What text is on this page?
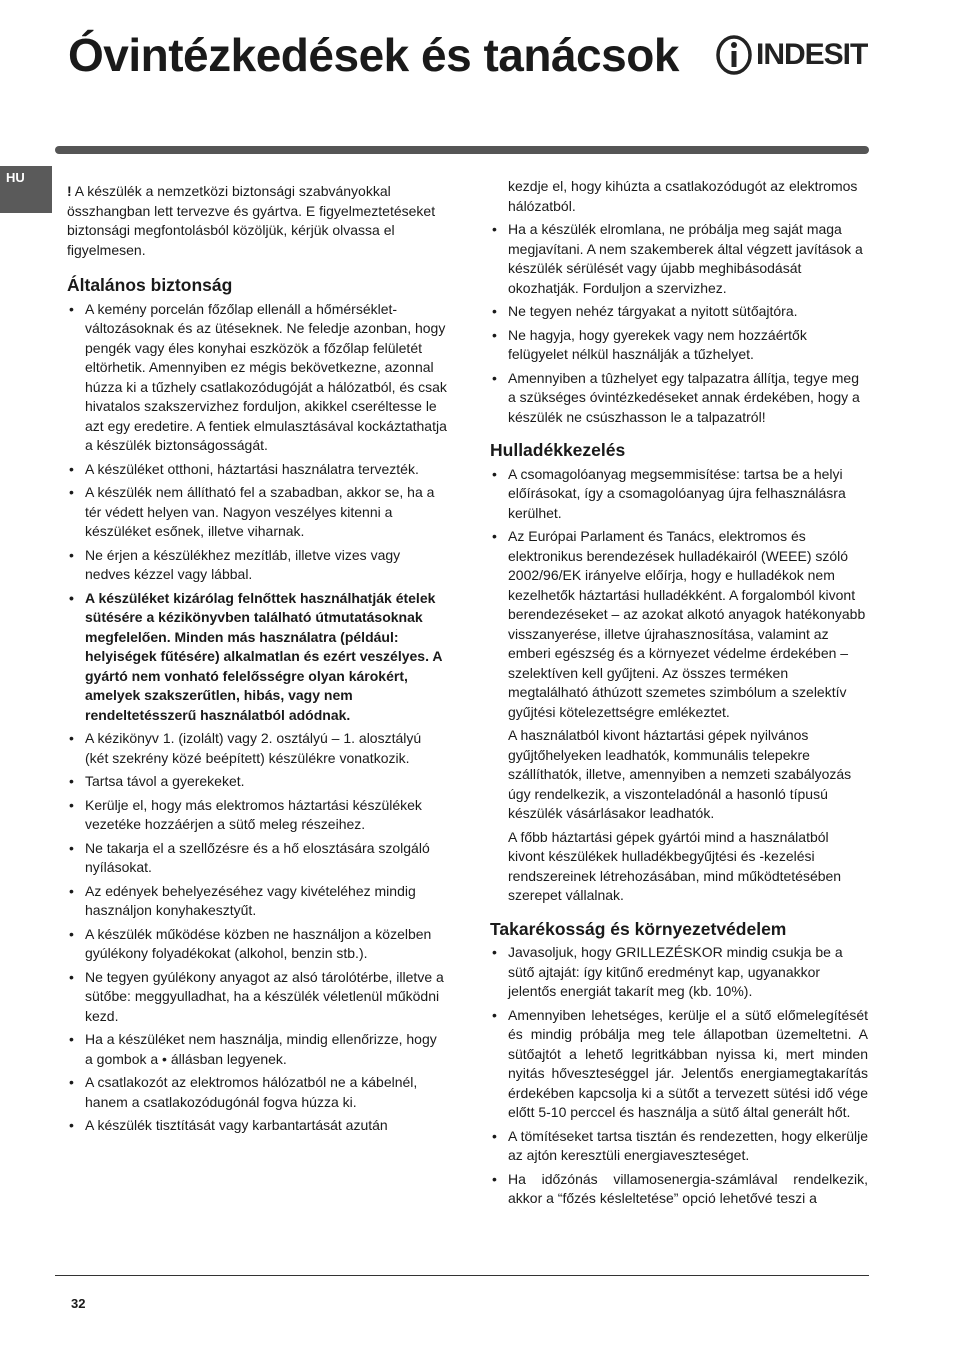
Óvintézkedések és tanácsok	INDESIT
HU

! A készülék a nemzetközi biztonsági szabványokkal összhangban lett tervezve és gyártva. E figyelmeztetéseket biztonsági megfontolásból közöljük, kérjük olvassa el figyelmesen.

Általános biztonság
• A kemény porcelán főzőlap ellenáll a hőmérséklet-változásoknak és az ütéseknek. Ne feledje azonban, hogy pengék vagy éles konyhai eszközök a főzőlap felületét eltörhetik. Amennyiben ez mégis bekövetkezne, azonnal húzza ki a tűzhely csatlakozódugóját a hálózatból, és csak hivatalos szakszervizhez forduljon, akikkel cseréltesse le azt egy eredetire. A fentiek elmulasztásával kockáztathatja a készülék biztonságosságát.
• A készüléket otthoni, háztartási használatra tervezték.
• A készülék nem állítható fel a szabadban, akkor se, ha a tér védett helyen van. Nagyon veszélyes kitenni a készüléket esőnek, illetve viharnak.
• Ne érjen a készülékhez mezítláb, illetve vizes vagy nedves kézzel vagy lábbal.
• A készüléket kizárólag felnőttek használhatják ételek sütésére a kézikönyvben található útmutatásoknak megfelelően. Minden más használatra (például: helyiségek fűtésére) alkalmatlan és ezért veszélyes. A gyártó nem vonható felelősségre olyan károkért, amelyek szakszerűtlen, hibás, vagy nem rendeltetésszerű használatból adódnak.
• A kézikönyv 1. (izolált) vagy 2. osztályú – 1. alosztályú (két szekrény közé beépített) készülékre vonatkozik.
• Tartsa távol a gyerekeket.
• Kerülje el, hogy más elektromos háztartási készülékek vezetéke hozzáérjen a sütő meleg részeihez.
• Ne takarja el a szellőzésre és a hő elosztására szolgáló nyílásokat.
• Az edények behelyezéséhez vagy kivételéhez mindig használjon konyhakesztyűt.
• A készülék működése közben ne használjon a közelben gyúlékony folyadékokat (alkohol, benzin stb.).
• Ne tegyen gyúlékony anyagot az alsó tárolótérbe, illetve a sütőbe: meggyulladhat, ha a készülék véletlenül működni kezd.
• Ha a készüléket nem használja, mindig ellenőrizze, hogy a gombok a • állásban legyenek.
• A csatlakozót az elektromos hálózatból ne a kábelnél, hanem a csatlakozódugónál fogva húzza ki.
• A készülék tisztítását vagy karbantartását azután

kezdje el, hogy kihúzta a csatlakozódugót az elektromos hálózatból.

• Ha a készülék elromlana, ne próbálja meg saját maga megjavítani. A nem szakemberek által végzett javítások a készülék sérülését vagy újabb meghibásodását okozhatják. Forduljon a szervizhez.
• Ne tegyen nehéz tárgyakat a nyitott sütőajtóra.
• Ne hagyja, hogy gyerekek vagy nem hozzáértők felügyelet nélkül használják a tűzhelyet.
• Amennyiben a tûzhelyet egy talpazatra állítja, tegye meg a szükséges óvintézkedéseket annak érdekében, hogy a készülék ne csúszhasson le a talpazatról!
Hulladékkezelés
• A csomagolóanyag megsemmisítése: tartsa be a helyi előírásokat, így a csomagolóanyag újra felhasználásra kerülhet.
• Az Európai Parlament és Tanács, elektromos és elektronikus berendezések hulladékairól (WEEE) szóló 2002/96/EK irányelve előírja, hogy e hulladékok nem kezelhetők háztartási hulladékként. A forgalomból kivont berendezéseket – az azokat alkotó anyagok hatékonyabb visszanyerése, illetve újrahasznosítása, valamint az emberi egészség és a környezet védelme érdekében – szelektíven kell gyűjteni. Az összes terméken megtalálható áthúzott szemetes szimbólum a szelektív gyűjtési kötelezettségre emlékeztet.

A használatból kivont háztartási gépek nyilvános gyűjtőhelyeken leadhatók, kommunális telepekre szállíthatók, illetve, amennyiben a nemzeti szabályozás úgy rendelkezik, a viszonteladónál a hasonló típusú készülék vásárlásakor leadhatók.

A főbb háztartási gépek gyártói mind a használatból kivont készülékek hulladékbegyűjtési és -kezelési rendszereinek létrehozásában, mind működtetésében szerepet vállalnak.

Takarékosság és környezetvédelem
• Javasoljuk, hogy GRILLEZÉSKOR mindig csukja be a sütő ajtaját: így kitűnő eredményt kap, ugyanakkor jelentős energiát takarít meg (kb. 10%).
• Amennyiben lehetséges, kerülje el a sütő előmelegítését és mindig próbálja meg tele állapotban üzemeltetni. A sütőajtót a lehető legritkábban nyissa ki, mert minden nyitás hőveszteséggel jár. Jelentős energiamegtakarítás érdekében kapcsolja ki a sütőt a tervezett sütési idő vége előtt 5-10 perccel és használja a sütő által generált hőt.
• A tömítéseket tartsa tisztán és rendezetten, hogy elkerülje az ajtón keresztüli energiaveszteséget.
• Ha időzónás villamosenergia-számlával rendelkezik, akkor a “főzés késleltetése” opció lehetővé teszi a
32
